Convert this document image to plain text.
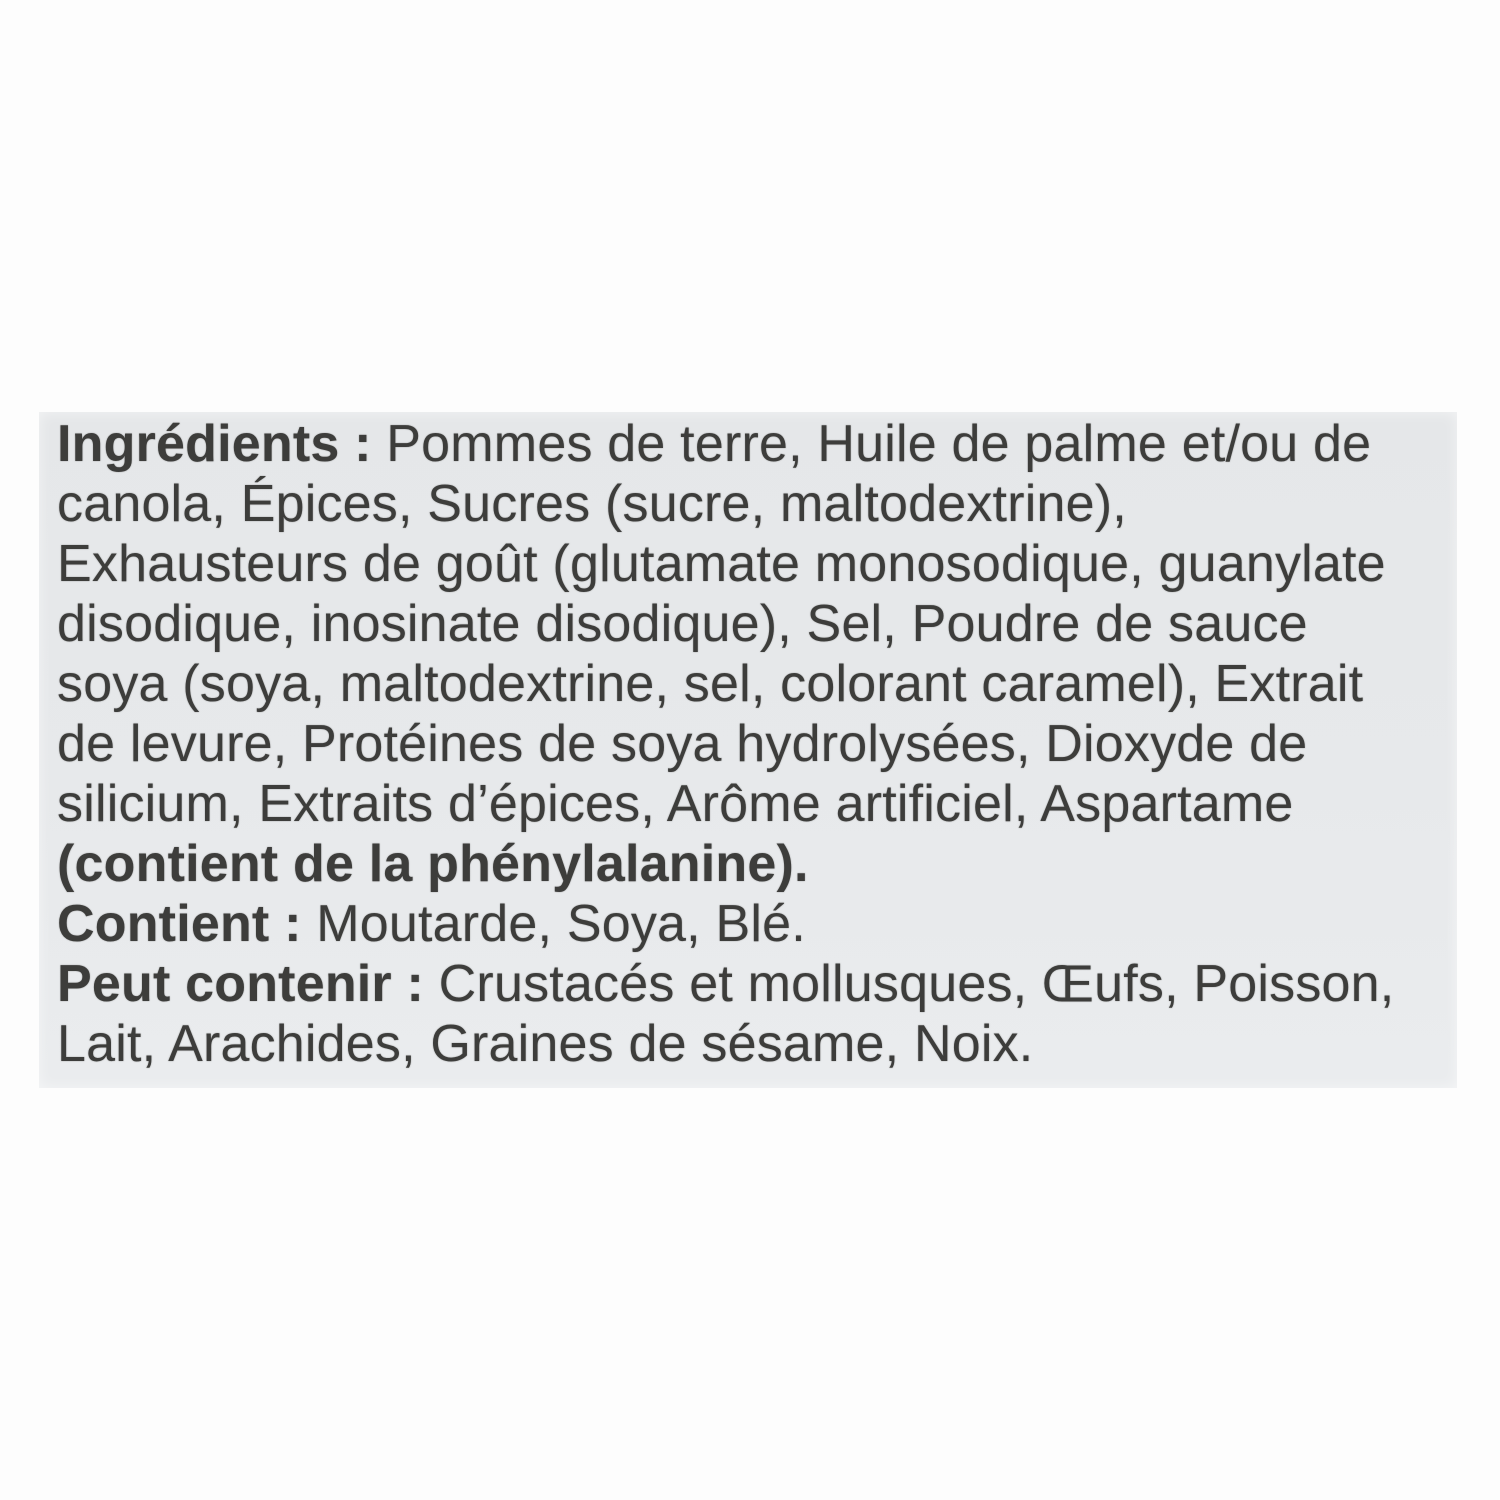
Ingrédients : Pommes de terre, Huile de palme et/ou de
canola, Épices, Sucres (sucre, maltodextrine),
Exhausteurs de goût (glutamate monosodique, guanylate
disodique, inosinate disodique), Sel, Poudre de sauce
soya (soya, maltodextrine, sel, colorant caramel), Extrait
de levure, Protéines de soya hydrolysées, Dioxyde de
silicium, Extraits d’épices, Arôme artificiel, Aspartame
(contient de la phénylalanine).
Contient : Moutarde, Soya, Blé.
Peut contenir : Crustacés et mollusques, Œufs, Poisson,
Lait, Arachides, Graines de sésame, Noix.
